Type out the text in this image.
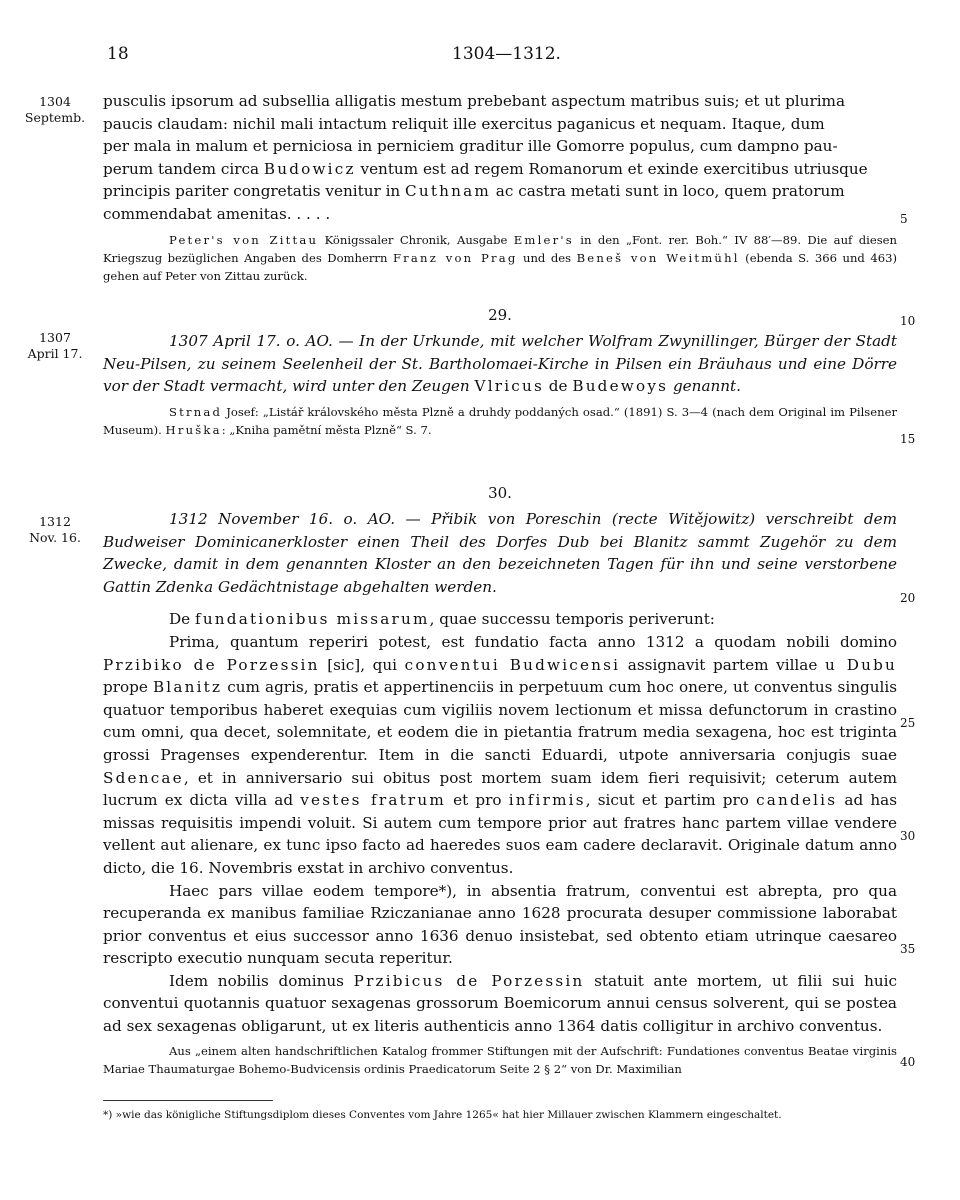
18	1304—1312.
1304
Septemb.
1307
April 17.
1312
Nov. 16.
5
10
15
20
25
30
35
40
pusculis ipsorum ad subsellia alligatis mestum prebebant aspectum matribus suis; et ut plurima
paucis claudam: nichil mali intactum reliquit ille exercitus paganicus et nequam. Itaque, dum
per mala in malum et perniciosa in perniciem graditur ille Gomorre populus, cum dampno pau-
perum tandem circa Budowicz ventum est ad regem Romanorum et exinde exercitibus utriusque
principis pariter congretatis venitur in Cuthnam ac castra metati sunt in loco, quem pratorum
commendabat amenitas. . . . .
Peter's von Zittau Königssaler Chronik, Ausgabe Emler's in den „Font. rer. Boh.“ IV 88′—89. Die auf diesen Kriegszug bezüglichen Angaben des Domherrn Franz von Prag und des Beneš von Weitmühl (ebenda S. 366 und 463) gehen auf Peter von Zittau zurück.
29.
1307 April 17. o. AO. — In der Urkunde, mit welcher Wolfram Zwynillinger, Bürger der Stadt Neu-Pilsen, zu seinem Seelenheil der St. Bartholomaei-Kirche in Pilsen ein Bräuhaus und eine Dörre vor der Stadt vermacht, wird unter den Zeugen Vlricus de Budewoys genannt.
Strnad Josef: „Listář královského města Plzně a druhdy poddaných osad.“ (1891) S. 3—4 (nach dem Original im Pilsener Museum). Hruška: „Kniha pamětní města Plzně“ S. 7.
30.
1312 November 16. o. AO. — Přibik von Poreschin (recte Witějowitz) verschreibt dem Budweiser Dominicanerkloster einen Theil des Dorfes Dub bei Blanitz sammt Zugehör zu dem Zwecke, damit in dem genannten Kloster an den bezeichneten Tagen für ihn und seine verstorbene Gattin Zdenka Gedächtnistage abgehalten werden.
De fundationibus missarum, quae successu temporis periverunt:
Prima, quantum reperiri potest, est fundatio facta anno 1312 a quodam nobili domino Przibiko de Porzessin [sic], qui conventui Budwicensi assignavit partem villae u Dubu prope Blanitz cum agris, pratis et appertinenciis in perpetuum cum hoc onere, ut conventus singulis quatuor temporibus haberet exequias cum vigiliis novem lectionum et missa defunctorum in crastino cum omni, qua decet, solemnitate, et eodem die in pietantia fratrum media sexagena, hoc est triginta grossi Pragenses expenderentur. Item in die sancti Eduardi, utpote anniversaria conjugis suae Sdencae, et in anniversario sui obitus post mortem suam idem fieri requisivit; ceterum autem lucrum ex dicta villa ad vestes fratrum et pro infirmis, sicut et partim pro candelis ad has missas requisitis impendi voluit. Si autem cum tempore prior aut fratres hanc partem villae vendere vellent aut alienare, ex tunc ipso facto ad haeredes suos eam cadere declaravit. Originale datum anno dicto, die 16. Novembris exstat in archivo conventus.
Haec pars villae eodem tempore*), in absentia fratrum, conventui est abrepta, pro qua recuperanda ex manibus familiae Rziczanianae anno 1628 procurata desuper commissione laborabat prior conventus et eius successor anno 1636 denuo insistebat, sed obtento etiam utrinque caesareo rescripto executio nunquam secuta reperitur.
Idem nobilis dominus Przibicus de Porzessin statuit ante mortem, ut filii sui huic conventui quotannis quatuor sexagenas grossorum Boemicorum annui census solverent, qui se postea ad sex sexagenas obligarunt, ut ex literis authenticis anno 1364 datis colligitur in archivo conventus.
Aus „einem alten handschriftlichen Katalog frommer Stiftungen mit der Aufschrift: Fundationes conventus Beatae virginis Mariae Thaumaturgae Bohemo-Budvicensis ordinis Praedicatorum Seite 2 § 2“ von Dr. Maximilian
*) »wie das königliche Stiftungsdiplom dieses Conventes vom Jahre 1265« hat hier Millauer zwischen Klammern eingeschaltet.
